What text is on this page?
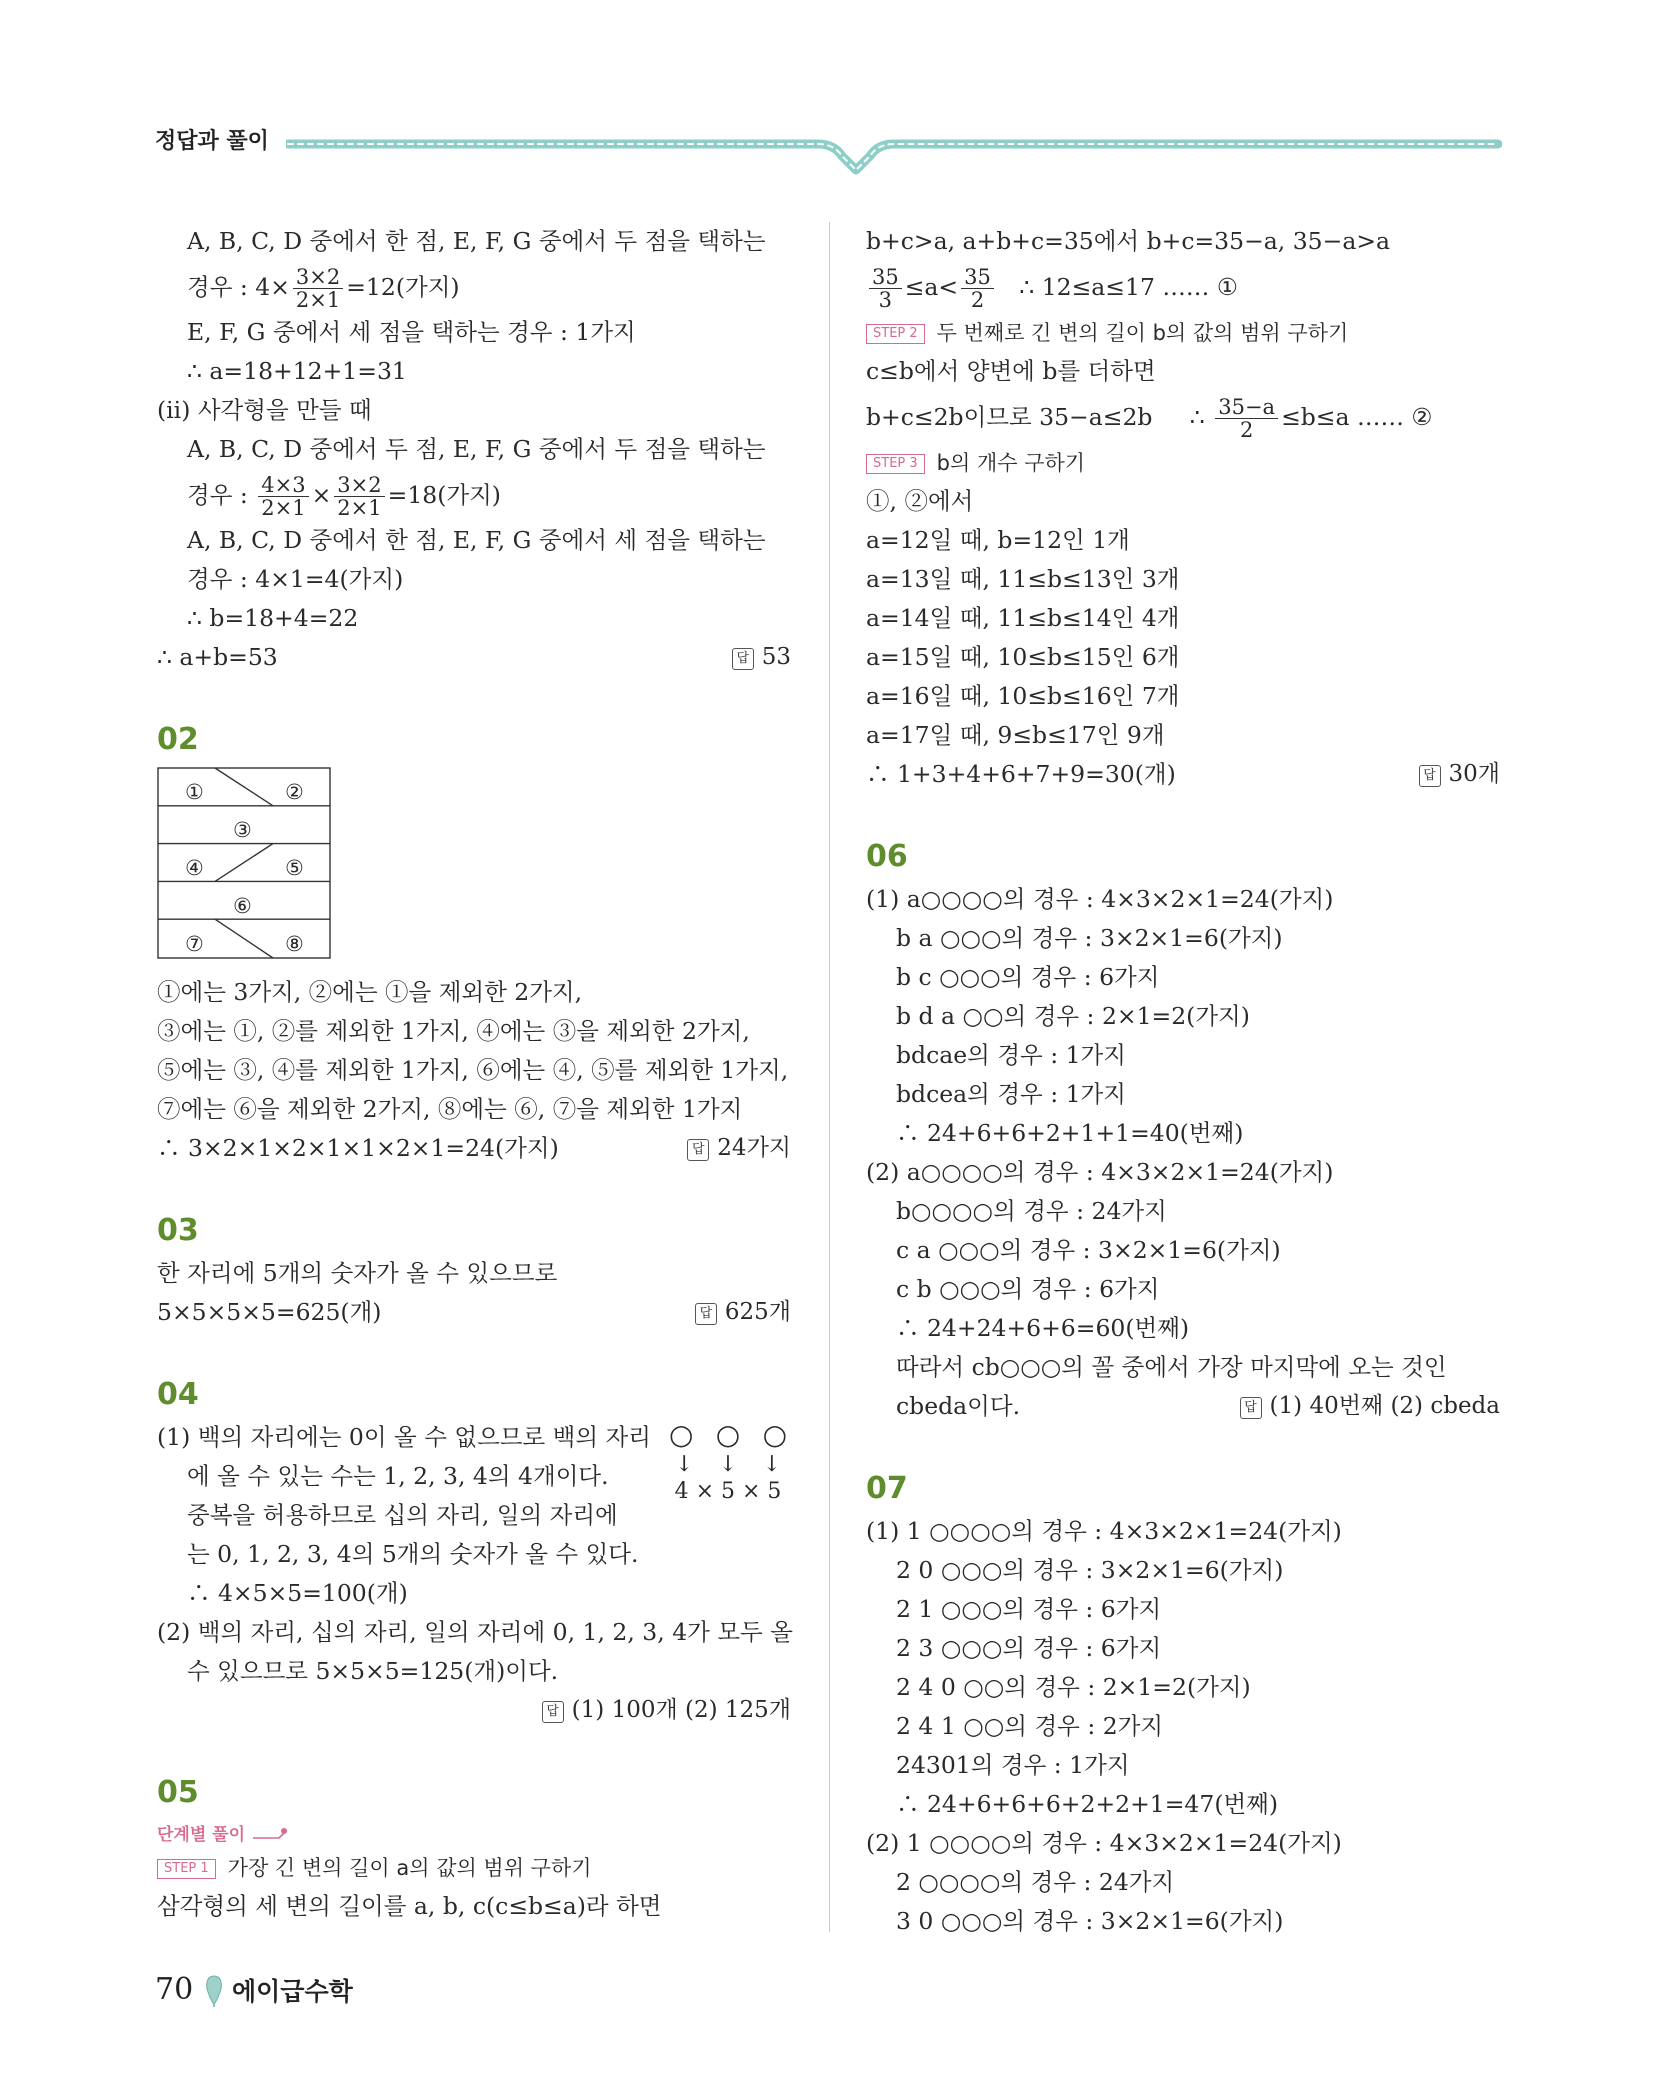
정답과 풀이
A, B, C, D 중에서 한 점, E, F, G 중에서 두 점을 택하는
경우 : $4\times \frac{3\times 2}{2\times 1} =12$(가지)
E, F, G 중에서 세 점을 택하는 경우 : 1가지
∴ a=18+12+1=31
(ii) 사각형을 만들 때
A, B, C, D 중에서 두 점, E, F, G 중에서 두 점을 택하는
경우 : $\frac{4\times 3}{2\times 1} \times \frac{3\times 2}{2\times 1} =18$(가지)
A, B, C, D 중에서 한 점, E, F, G 중에서 세 점을 택하는
경우 : 4×1=4(가지)
∴ b=18+4=22
∴ a+b=53	답 53
02
①	②
③
④	⑤
⑥
⑦	⑧
①에는 3가지, ②에는 ①을 제외한 2가지,
③에는 ①, ②를 제외한 1가지, ④에는 ③을 제외한 2가지,
⑤에는 ③, ④를 제외한 1가지, ⑥에는 ④, ⑤를 제외한 1가지,
⑦에는 ⑥을 제외한 2가지, ⑧에는 ⑥, ⑦을 제외한 1가지
∴ 3×2×1×2×1×1×2×1=24(가지)	답 24가지
03
한 자리에 5개의 숫자가 올 수 있으므로
5×5×5×5=625(개)	답 625개
04
(1) 백의 자리에는 0이 올 수 없으므로 백의 자리
에 올 수 있는 수는 1, 2, 3, 4의 4개이다.
중복을 허용하므로 십의 자리, 일의 자리에
는 0, 1, 2, 3, 4의 5개의 숫자가 올 수 있다.
∴ 4×5×5=100(개)
(2) 백의 자리, 십의 자리, 일의 자리에 0, 1, 2, 3, 4가 모두 올
수 있으므로 5×5×5=125(개)이다.
○ ○ ○
↓ ↓ ↓
4 × 5 × 5
답 (1) 100개 (2) 125개
05
단계별 풀이
STEP 1 가장 긴 변의 길이 a의 값의 범위 구하기
삼각형의 세 변의 길이를 a, b, c(c≤b≤a)라 하면
b+c>a, a+b+c=35에서 b+c=35−a, 35−a>a
$\frac{35}{3} \le a< \frac{35}{2}$ ∴ 12≤a≤17 …… ①
STEP 2 두 번째로 긴 변의 길이 b의 값의 범위 구하기
c≤b에서 양변에 b를 더하면
b+c≤2b이므로 35−a≤2b     ∴ $\frac{35-a}{2} \le b\le a$ …… ②
STEP 3 b의 개수 구하기
①, ②에서
a=12일 때, b=12인 1개
a=13일 때, 11≤b≤13인 3개
a=14일 때, 11≤b≤14인 4개
a=15일 때, 10≤b≤15인 6개
a=16일 때, 10≤b≤16인 7개
a=17일 때, 9≤b≤17인 9개
∴ 1+3+4+6+7+9=30(개)	답 30개
06
(1) a○○○○의 경우 : 4×3×2×1=24(가지)
b a ○○○의 경우 : 3×2×1=6(가지)
b c ○○○의 경우 : 6가지
b d a ○○의 경우 : 2×1=2(가지)
bdcae의 경우 : 1가지
bdcea의 경우 : 1가지
∴ 24+6+6+2+1+1=40(번째)
(2) a○○○○의 경우 : 4×3×2×1=24(가지)
b○○○○의 경우 : 24가지
c a ○○○의 경우 : 3×2×1=6(가지)
c b ○○○의 경우 : 6가지
∴ 24+24+6+6=60(번째)
따라서 cb○○○의 꼴 중에서 가장 마지막에 오는 것인
cbeda이다.	답 (1) 40번째 (2) cbeda
07
(1) 1 ○○○○의 경우 : 4×3×2×1=24(가지)
2 0 ○○○의 경우 : 3×2×1=6(가지)
2 1 ○○○의 경우 : 6가지
2 3 ○○○의 경우 : 6가지
2 4 0 ○○의 경우 : 2×1=2(가지)
2 4 1 ○○의 경우 : 2가지
24301의 경우 : 1가지
∴ 24+6+6+6+2+2+1=47(번째)
(2) 1 ○○○○의 경우 : 4×3×2×1=24(가지)
2 ○○○○의 경우 : 24가지
3 0 ○○○의 경우 : 3×2×1=6(가지)
70 에이급수학
